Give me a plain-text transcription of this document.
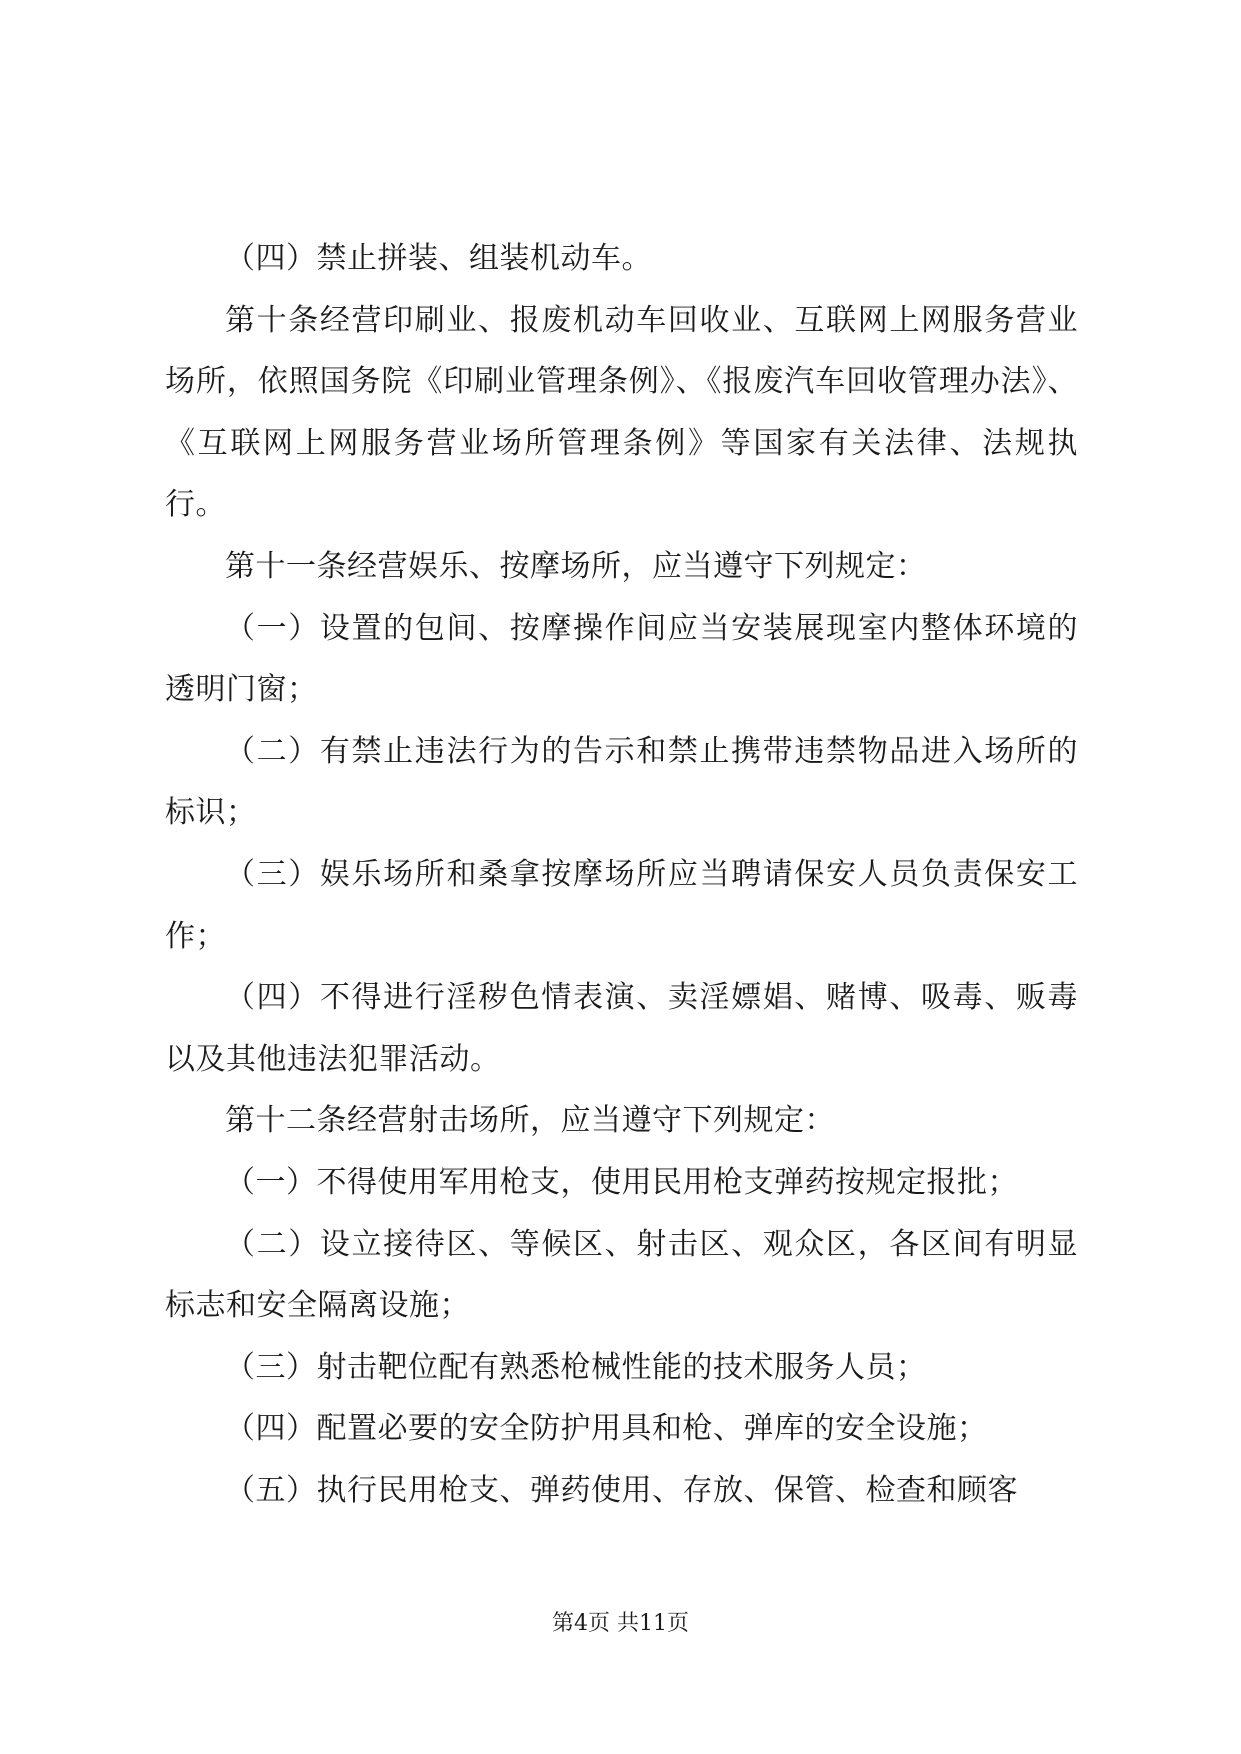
（四）禁止拼装、组装机动车。

第十条经营印刷业、报废机动车回收业、互联网上网服务营业场所，依照国务院《印刷业管理条例》、《报废汽车回收管理办法》、《互联网上网服务营业场所管理条例》等国家有关法律、法规执行。

第十一条经营娱乐、按摩场所，应当遵守下列规定：

（一）设置的包间、按摩操作间应当安装展现室内整体环境的透明门窗；

（二）有禁止违法行为的告示和禁止携带违禁物品进入场所的标识；

（三）娱乐场所和桑拿按摩场所应当聘请保安人员负责保安工作；

（四）不得进行淫秽色情表演、卖淫嫖娼、赌博、吸毒、贩毒以及其他违法犯罪活动。

第十二条经营射击场所，应当遵守下列规定：

（一）不得使用军用枪支，使用民用枪支弹药按规定报批；

（二）设立接待区、等候区、射击区、观众区，各区间有明显标志和安全隔离设施；

（三）射击靶位配有熟悉枪械性能的技术服务人员；

（四）配置必要的安全防护用具和枪、弹库的安全设施；

（五）执行民用枪支、弹药使用、存放、保管、检查和顾客

第4页 共11页
